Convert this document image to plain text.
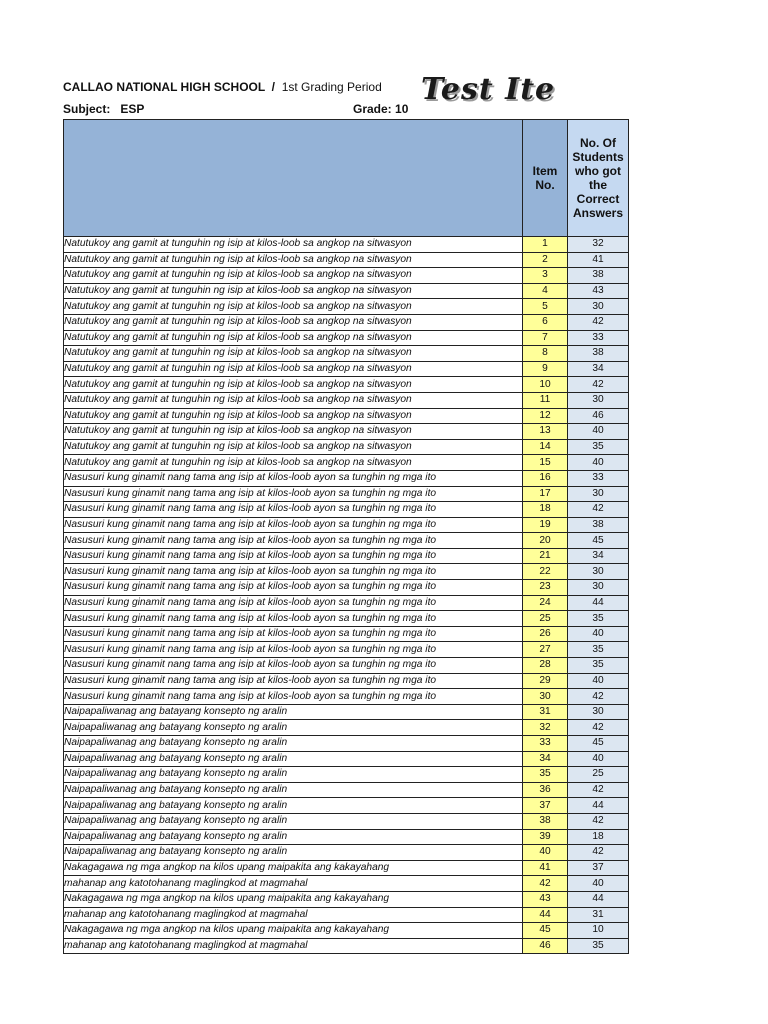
CALLAO NATIONAL HIGH SCHOOL / 1st Grading Period
Subject: ESP	Grade: 10
Test Ite
	Item No.	No. Of Students who got the Correct Answers
Natutukoy ang gamit at tunguhin ng isip at kilos-loob sa angkop na sitwasyon	1	32
Natutukoy ang gamit at tunguhin ng isip at kilos-loob sa angkop na sitwasyon	2	41
Natutukoy ang gamit at tunguhin ng isip at kilos-loob sa angkop na sitwasyon	3	38
Natutukoy ang gamit at tunguhin ng isip at kilos-loob sa angkop na sitwasyon	4	43
Natutukoy ang gamit at tunguhin ng isip at kilos-loob sa angkop na sitwasyon	5	30
Natutukoy ang gamit at tunguhin ng isip at kilos-loob sa angkop na sitwasyon	6	42
Natutukoy ang gamit at tunguhin ng isip at kilos-loob sa angkop na sitwasyon	7	33
Natutukoy ang gamit at tunguhin ng isip at kilos-loob sa angkop na sitwasyon	8	38
Natutukoy ang gamit at tunguhin ng isip at kilos-loob sa angkop na sitwasyon	9	34
Natutukoy ang gamit at tunguhin ng isip at kilos-loob sa angkop na sitwasyon	10	42
Natutukoy ang gamit at tunguhin ng isip at kilos-loob sa angkop na sitwasyon	11	30
Natutukoy ang gamit at tunguhin ng isip at kilos-loob sa angkop na sitwasyon	12	46
Natutukoy ang gamit at tunguhin ng isip at kilos-loob sa angkop na sitwasyon	13	40
Natutukoy ang gamit at tunguhin ng isip at kilos-loob sa angkop na sitwasyon	14	35
Natutukoy ang gamit at tunguhin ng isip at kilos-loob sa angkop na sitwasyon	15	40
Nasusuri kung ginamit nang tama ang isip at kilos-loob ayon sa tunghin ng mga ito	16	33
Nasusuri kung ginamit nang tama ang isip at kilos-loob ayon sa tunghin ng mga ito	17	30
Nasusuri kung ginamit nang tama ang isip at kilos-loob ayon sa tunghin ng mga ito	18	42
Nasusuri kung ginamit nang tama ang isip at kilos-loob ayon sa tunghin ng mga ito	19	38
Nasusuri kung ginamit nang tama ang isip at kilos-loob ayon sa tunghin ng mga ito	20	45
Nasusuri kung ginamit nang tama ang isip at kilos-loob ayon sa tunghin ng mga ito	21	34
Nasusuri kung ginamit nang tama ang isip at kilos-loob ayon sa tunghin ng mga ito	22	30
Nasusuri kung ginamit nang tama ang isip at kilos-loob ayon sa tunghin ng mga ito	23	30
Nasusuri kung ginamit nang tama ang isip at kilos-loob ayon sa tunghin ng mga ito	24	44
Nasusuri kung ginamit nang tama ang isip at kilos-loob ayon sa tunghin ng mga ito	25	35
Nasusuri kung ginamit nang tama ang isip at kilos-loob ayon sa tunghin ng mga ito	26	40
Nasusuri kung ginamit nang tama ang isip at kilos-loob ayon sa tunghin ng mga ito	27	35
Nasusuri kung ginamit nang tama ang isip at kilos-loob ayon sa tunghin ng mga ito	28	35
Nasusuri kung ginamit nang tama ang isip at kilos-loob ayon sa tunghin ng mga ito	29	40
Nasusuri kung ginamit nang tama ang isip at kilos-loob ayon sa tunghin ng mga ito	30	42
Naipapaliwanag ang batayang konsepto ng aralin	31	30
Naipapaliwanag ang batayang konsepto ng aralin	32	42
Naipapaliwanag ang batayang konsepto ng aralin	33	45
Naipapaliwanag ang batayang konsepto ng aralin	34	40
Naipapaliwanag ang batayang konsepto ng aralin	35	25
Naipapaliwanag ang batayang konsepto ng aralin	36	42
Naipapaliwanag ang batayang konsepto ng aralin	37	44
Naipapaliwanag ang batayang konsepto ng aralin	38	42
Naipapaliwanag ang batayang konsepto ng aralin	39	18
Naipapaliwanag ang batayang konsepto ng aralin	40	42
Nakagagawa ng mga angkop na kilos upang maipakita ang kakayahang	41	37
mahanap ang katotohanang maglingkod at magmahal	42	40
Nakagagawa ng mga angkop na kilos upang maipakita ang kakayahang	43	44
mahanap ang katotohanang maglingkod at magmahal	44	31
Nakagagawa ng mga angkop na kilos upang maipakita ang kakayahang	45	10
mahanap ang katotohanang maglingkod at magmahal	46	35
